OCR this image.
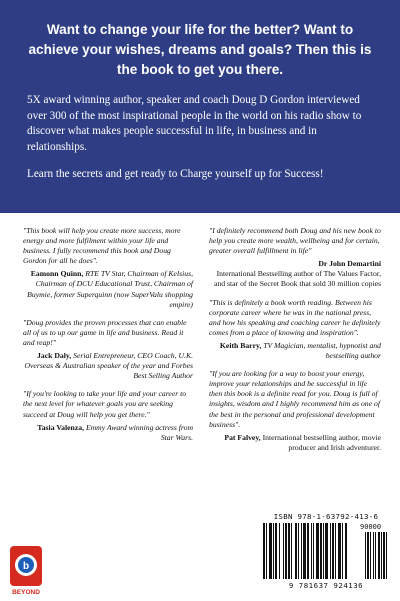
Want to change your life for the better? Want to achieve your wishes, dreams and goals? Then this is the book to get you there.

5X award winning author, speaker and coach Doug D Gordon interviewed over 300 of the most inspirational people in the world on his radio show to discover what makes people successful in life, in business and in relationships.

Learn the secrets and get ready to Charge yourself up for Success!

"This book will help you create more success, more energy and more fulfilment within your life and business. I fully recommend this book and Doug Gordon for all he does".

Eamonn Quinn, RTE TV Star, Chairman of Kelsius, Chairman of DCU Educational Trust, Chairman of Buymie, former Superquinn (now SuperValu shopping empire)

"Doug provides the proven processes that can enable all of us to up our game in life and business. Read it and reap!"

Jack Daly, Serial Entrepreneur, CEO Coach, U.K. Overseas & Australian speaker of the year and Forbes Best Selling Author

"If you're looking to take your life and your career to the next level for whatever goals you are seeking succeed at Doug will help you get there."

Tasia Valenza, Emmy Award winning actress from Star Wars.

"I definitely recommend both Doug and his new book to help you create more wealth, wellbeing and for certain, greater overall fulfillment in life"

Dr John Demartini
International Bestselling author of The Values Factor, and star of the Secret Book that sold 30 million copies

"This is definitely a book worth reading. Between his corporate career where he was in the national press, and how his speaking and coaching career he definitely comes from a place of knowing and inspiration".

Keith Barry, TV Magician, mentalist, hypnotist and bestselling author

"If you are looking for a way to boost your energy, improve your relationships and be successful in life then this book is a definite read for you. Doug is full of insights, wisdom and I highly recommend him as one of the best in the personal and professional development business".

Pat Falvey, International bestselling author, movie producer and Irish adventurer.

b
BEYOND
ISBN 978-1-63792-413-6
90000
9 781637 924136
